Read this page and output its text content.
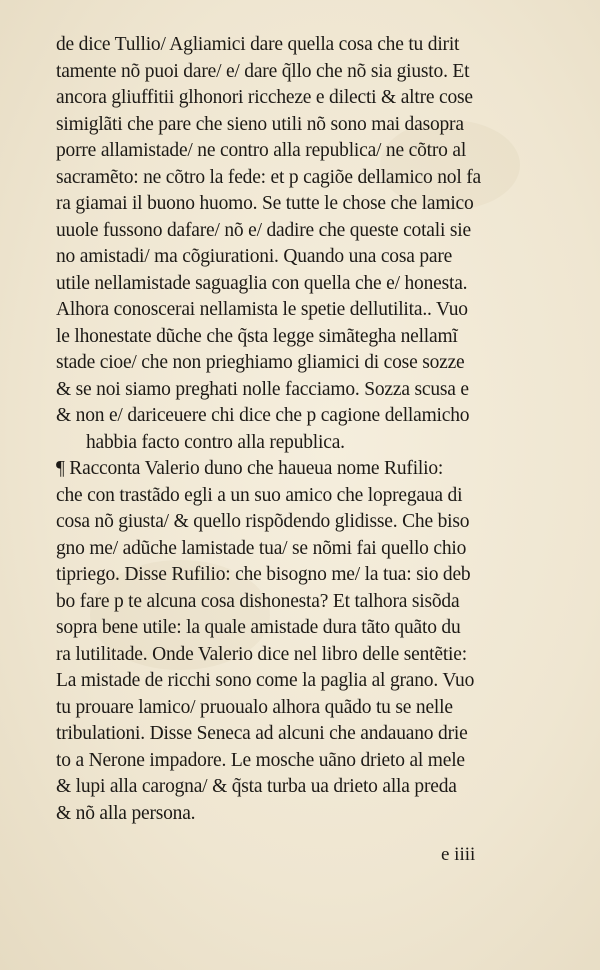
de dice Tullio/ Agliamici dare quella cosa che tu dirit
tamente nõ puoi dare/ e/ dare q̃llo che nõ sia giusto. Et
ancora gliuffitii glhonori riccheze e dilecti & altre cose
simiglãti che pare che sieno utili nõ sono mai dasopra
porre allamistade/ ne contro alla republica/ ne cõtro al
sacramẽto: ne cõtro la fede: et p cagiõe dellamico nol fa
ra giamai il buono huomo. Se tutte le chose che lamico
uuole fussono dafare/ nõ e/ dadire che queste cotali sie
no amistadi/ ma cõgiurationi. Quando una cosa pare
utile nellamistade saguaglia con quella che e/ honesta.
Alhora conoscerai nellamista le spetie dellutilita.. Vuo
le lhonestate dũche che q̃sta legge simãtegha nellamĩ
stade cioe/ che non prieghiamo gliamici di cose sozze
& se noi siamo preghati nolle facciamo. Sozza scusa e
& non e/ dariceuere chi dice che p cagione dellamicho
habbia facto contro alla republica.
¶ Racconta Valerio duno che haueua nome Rufilio:
che con trastãdo egli a un suo amico che lopregaua di
cosa nõ giusta/ & quello rispõdendo glidisse. Che biso
gno me/ adũche lamistade tua/ se nõmi fai quello chio
tipriego. Disse Rufilio: che bisogno me/ la tua: sio deb
bo fare p te alcuna cosa dishonesta? Et talhora sisõda
sopra bene utile: la quale amistade dura tãto quãto du
ra lutilitade. Onde Valerio dice nel libro delle sentẽtie:
La mistade de ricchi sono come la paglia al grano. Vuo
tu prouare lamico/ pruoualo alhora quãdo tu se nelle
tribulationi. Disse Seneca ad alcuni che andauano drie
to a Nerone impadore. Le mosche uãno drieto al mele
& lupi alla carogna/ & q̃sta turba ua drieto alla preda
& nõ alla persona.
e iiii
